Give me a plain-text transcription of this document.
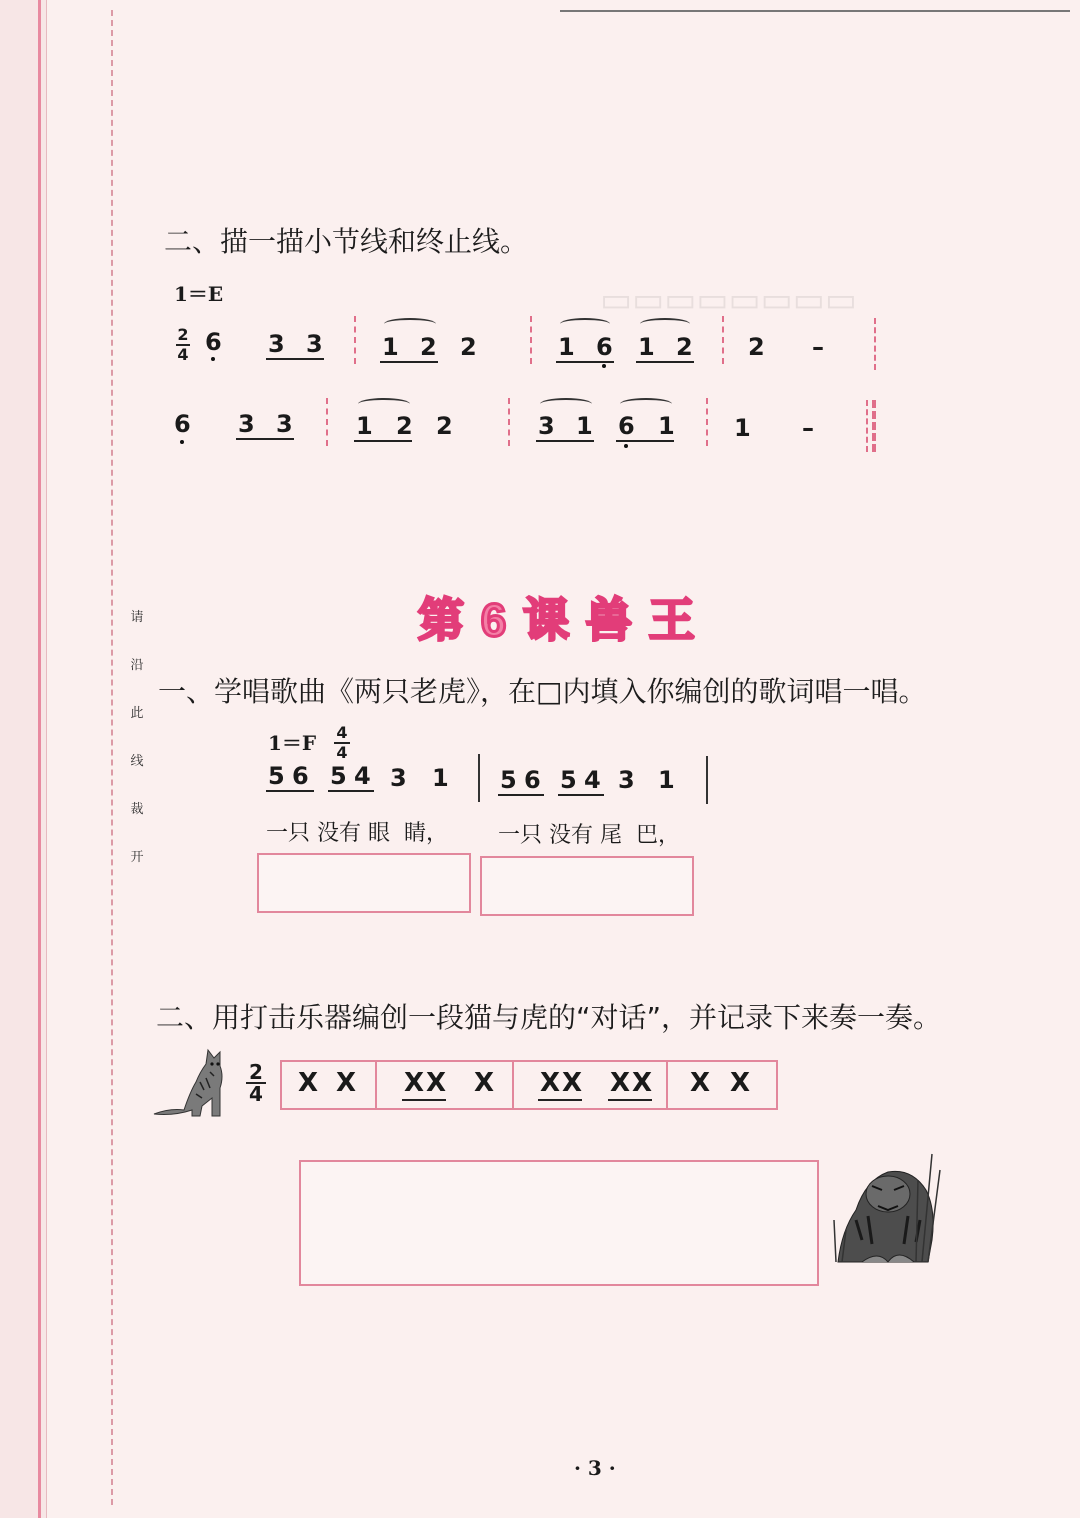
▭▭▭▭▭▭▭▭
请
沿
此
线
裁
开
二、描一描小节线和终止线。
1＝E
2
4 6 3 3 1 2 2	1 6 1 2 2 –
6 3 3	1 2 2	3 1 6 1 1 –
第 6 课 兽 王
一、学唱歌曲《两只老虎》，在□内填入你编创的歌词唱一唱。
1＝F 4
4
5 6 5 4 3 1 5 6 5 4 3 1
一只 没有 眼  睛， 一只 没有 尾  巴，
二、用打击乐器编创一段猫与虎的“对话”，并记录下来奏一奏。
2
4 X X XX X XX XX X X
· 3 ·
